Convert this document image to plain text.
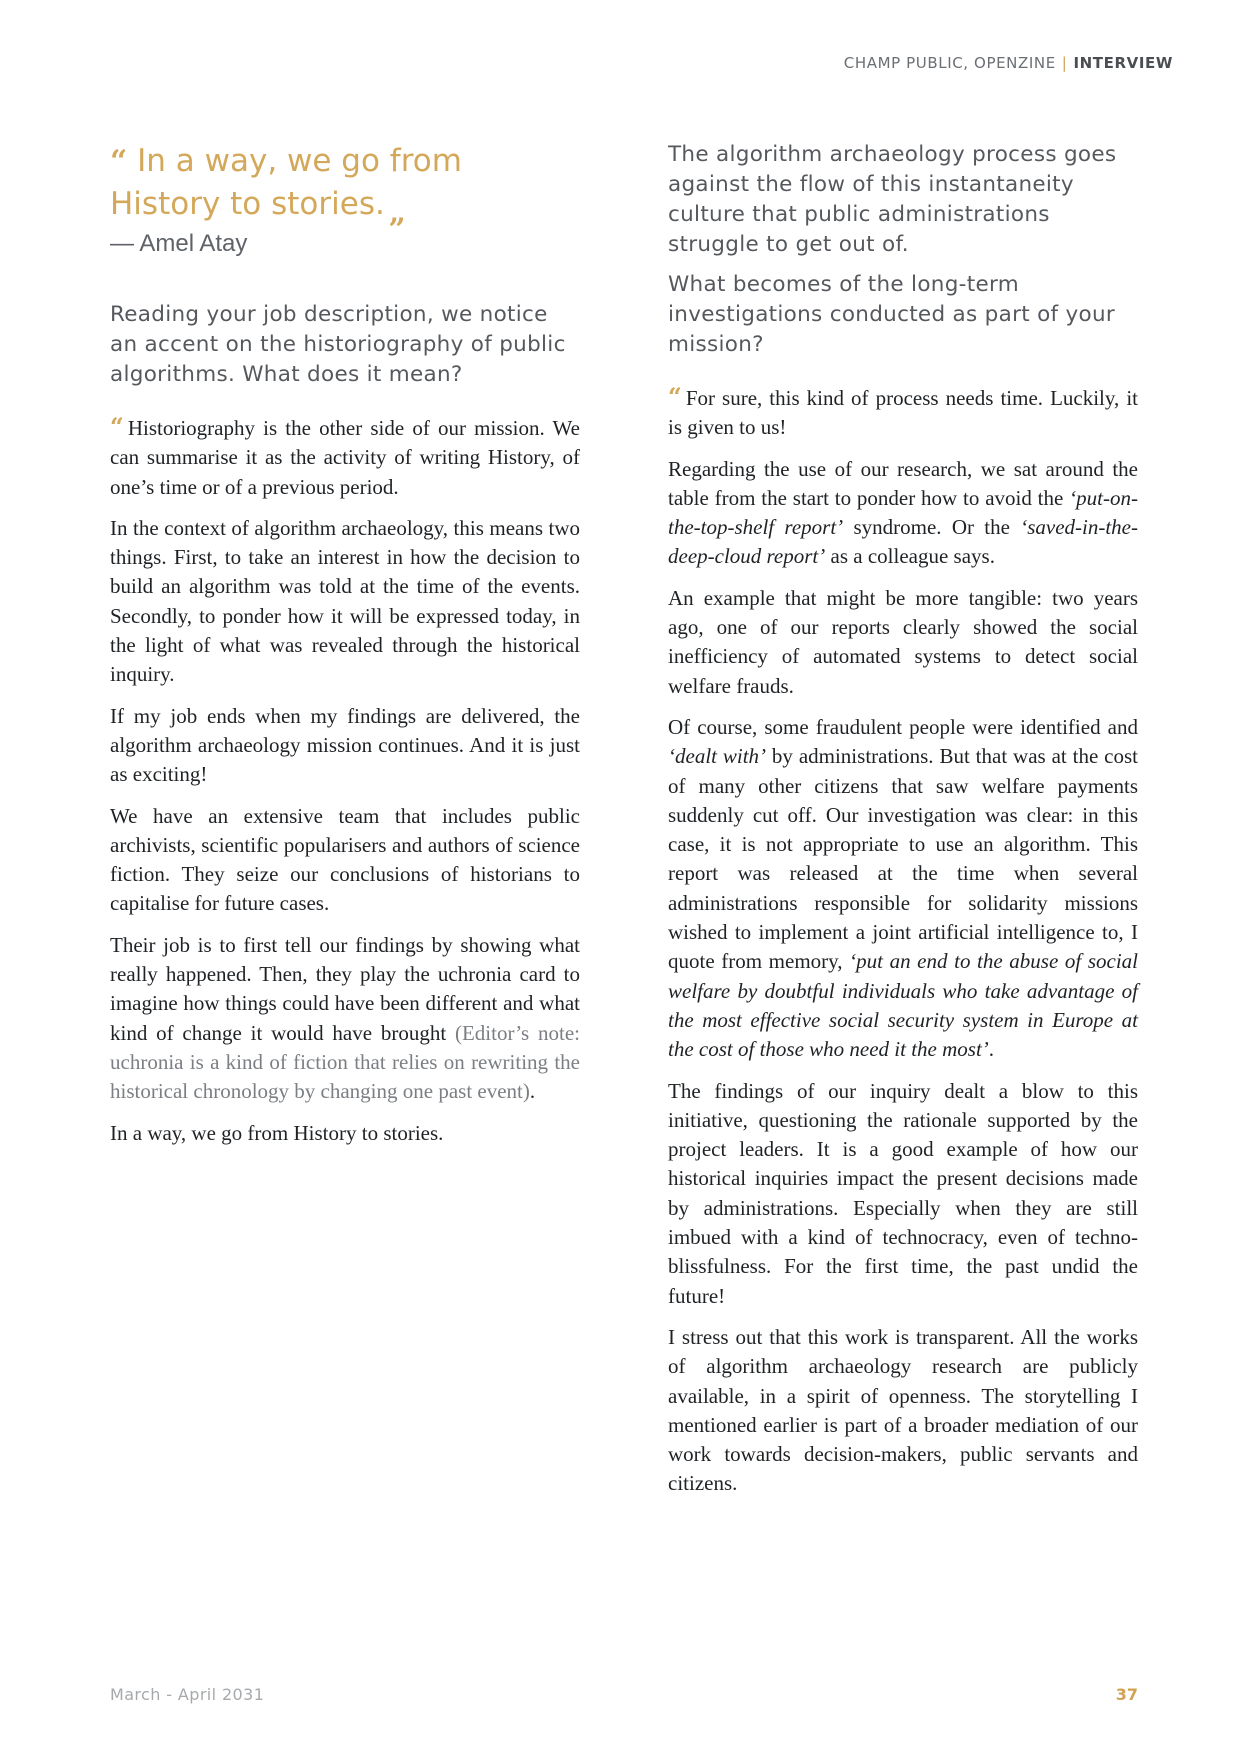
CHAMP PUBLIC, OPENZINE | INTERVIEW

“ In a way, we go from History to stories. „

— Amel Atay

Reading your job description, we notice an accent on the historiography of public algorithms. What does it mean?

“ Historiography is the other side of our mission. We can summarise it as the activity of writing History, of one’s time or of a previous period.

In the context of algorithm archaeology, this means two things. First, to take an interest in how the decision to build an algorithm was told at the time of the events. Secondly, to ponder how it will be expressed today, in the light of what was revealed through the historical inquiry.

If my job ends when my findings are delivered, the algorithm archaeology mission continues. And it is just as exciting!

We have an extensive team that includes public archivists, scientific popularisers and authors of science fiction. They seize our conclusions of historians to capitalise for future cases.

Their job is to first tell our findings by showing what really happened. Then, they play the uchronia card to imagine how things could have been different and what kind of change it would have brought (Editor’s note: uchronia is a kind of fiction that relies on rewriting the historical chronology by changing one past event).

In a way, we go from History to stories.

The algorithm archaeology process goes against the flow of this instantaneity culture that public administrations struggle to get out of.

What becomes of the long-term investigations conducted as part of your mission?

“ For sure, this kind of process needs time. Luckily, it is given to us!

Regarding the use of our research, we sat around the table from the start to ponder how to avoid the ‘put-on-the-top-shelf report’ syndrome. Or the ‘saved-in-the-deep-cloud report’ as a colleague says.

An example that might be more tangible: two years ago, one of our reports clearly showed the social inefficiency of automated systems to detect social welfare frauds.

Of course, some fraudulent people were identified and ‘dealt with’ by administrations. But that was at the cost of many other citizens that saw welfare payments suddenly cut off. Our investigation was clear: in this case, it is not appropriate to use an algorithm. This report was released at the time when several administrations responsible for solidarity missions wished to implement a joint artificial intelligence to, I quote from memory, ‘put an end to the abuse of social welfare by doubtful individuals who take advantage of the most effective social security system in Europe at the cost of those who need it the most’.

The findings of our inquiry dealt a blow to this initiative, questioning the rationale supported by the project leaders. It is a good example of how our historical inquiries impact the present decisions made by administrations. Especially when they are still imbued with a kind of technocracy, even of techno-blissfulness. For the first time, the past undid the future!

I stress out that this work is transparent. All the works of algorithm archaeology research are publicly available, in a spirit of openness. The storytelling I mentioned earlier is part of a broader mediation of our work towards decision-makers, public servants and citizens.

March - April 2031	37
